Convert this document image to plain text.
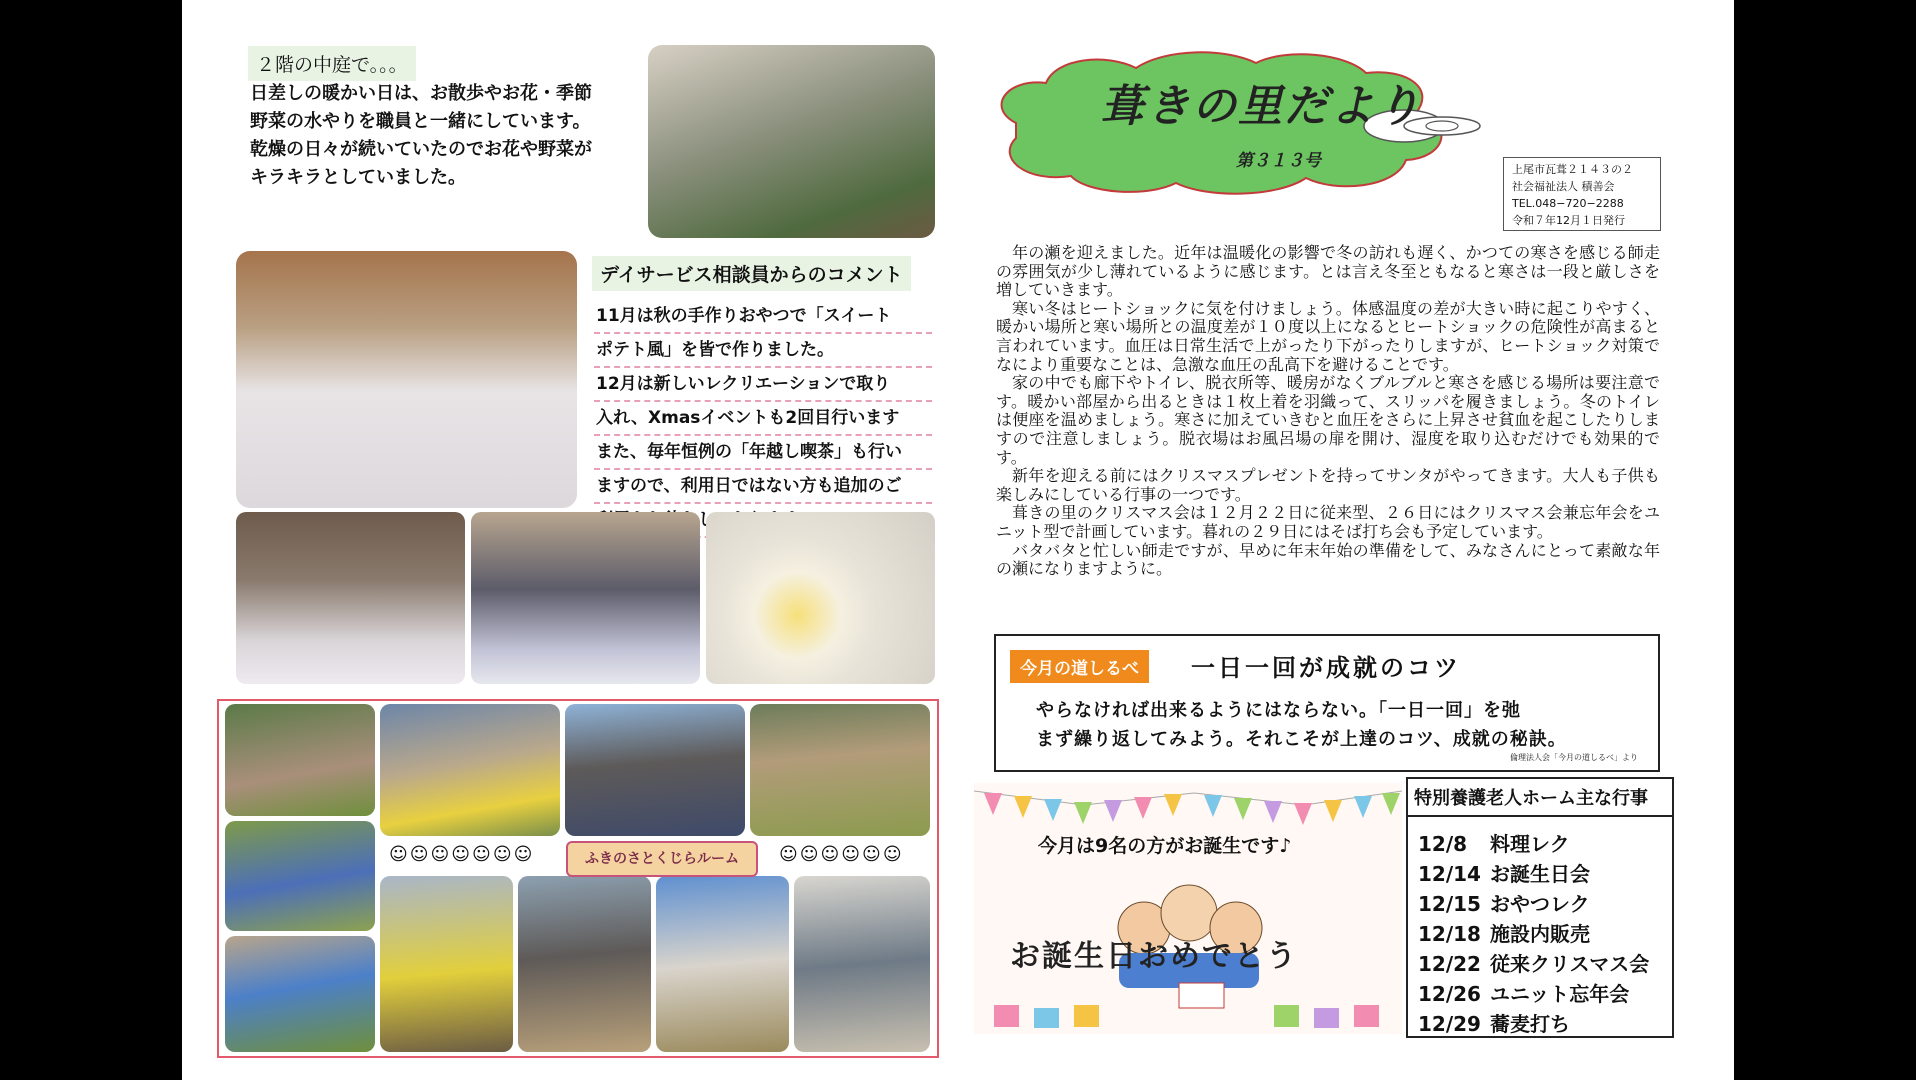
２階の中庭で。。。
日差しの暖かい日は、お散歩やお花・季節
野菜の水やりを職員と一緒にしています。
乾燥の日々が続いていたのでお花や野菜が
キラキラとしていました。
デイサービス相談員からのコメント
11月は秋の手作りおやつで「スイート
ポテト風」を皆で作りました。
12月は新しいレクリエーションで取り
入れ、Xmasイベントも2回目行います
また、毎年恒例の「年越し喫茶」も行い
ますので、利用日ではない方も追加のご
☺☺☺☺☺☺☺	☺☺☺☺☺☺
ふきのさとくじらルーム
葺きの里だより
第３１３号	上尾市瓦葺２１４３の２
社会福祉法人 積善会
TEL.048−720−2288
令和７年12月１日発行

年の瀬を迎えました。近年は温暖化の影響で冬の訪れも遅く、かつての寒さを感じる師走の雰囲気が少し薄れているように感じます。とは言え冬至ともなると寒さは一段と厳しさを増していきます。

寒い冬はヒートショックに気を付けましょう。体感温度の差が大きい時に起こりやすく、暖かい場所と寒い場所との温度差が１０度以上になるとヒートショックの危険性が高まると言われています。血圧は日常生活で上がったり下がったりしますが、ヒートショック対策でなにより重要なことは、急激な血圧の乱高下を避けることです。

家の中でも廊下やトイレ、脱衣所等、暖房がなくブルブルと寒さを感じる場所は要注意です。暖かい部屋から出るときは１枚上着を羽織って、スリッパを履きましょう。冬のトイレは便座を温めましょう。寒さに加えていきむと血圧をさらに上昇させ貧血を起こしたりしますので注意しましょう。脱衣場はお風呂場の扉を開け、湿度を取り込むだけでも効果的です。

新年を迎える前にはクリスマスプレゼントを持ってサンタがやってきます。大人も子供も楽しみにしている行事の一つです。

葺きの里のクリスマス会は１２月２２日に従来型、２６日にはクリスマス会兼忘年会をユニット型で計画しています。暮れの２９日にはそば打ち会も予定しています。

バタバタと忙しい師走ですが、早めに年末年始の準備をして、みなさんにとって素敵な年の瀬になりますように。

今月の道しるべ	一日一回が成就のコツ
やらなければ出来るようにはならない。「一日一回」を弛
まず繰り返してみよう。それこそが上達のコツ、成就の秘訣。
倫理法人会「今月の道しるべ」より
今月は9名の方がお誕生です♪
お誕生日おめでとう
特別養護老人ホーム主な行事
12/8 料理レク
12/14 お誕生日会
12/15 おやつレク
12/18 施設内販売
12/22 従来クリスマス会
12/26 ユニット忘年会
12/29 蕎麦打ち
